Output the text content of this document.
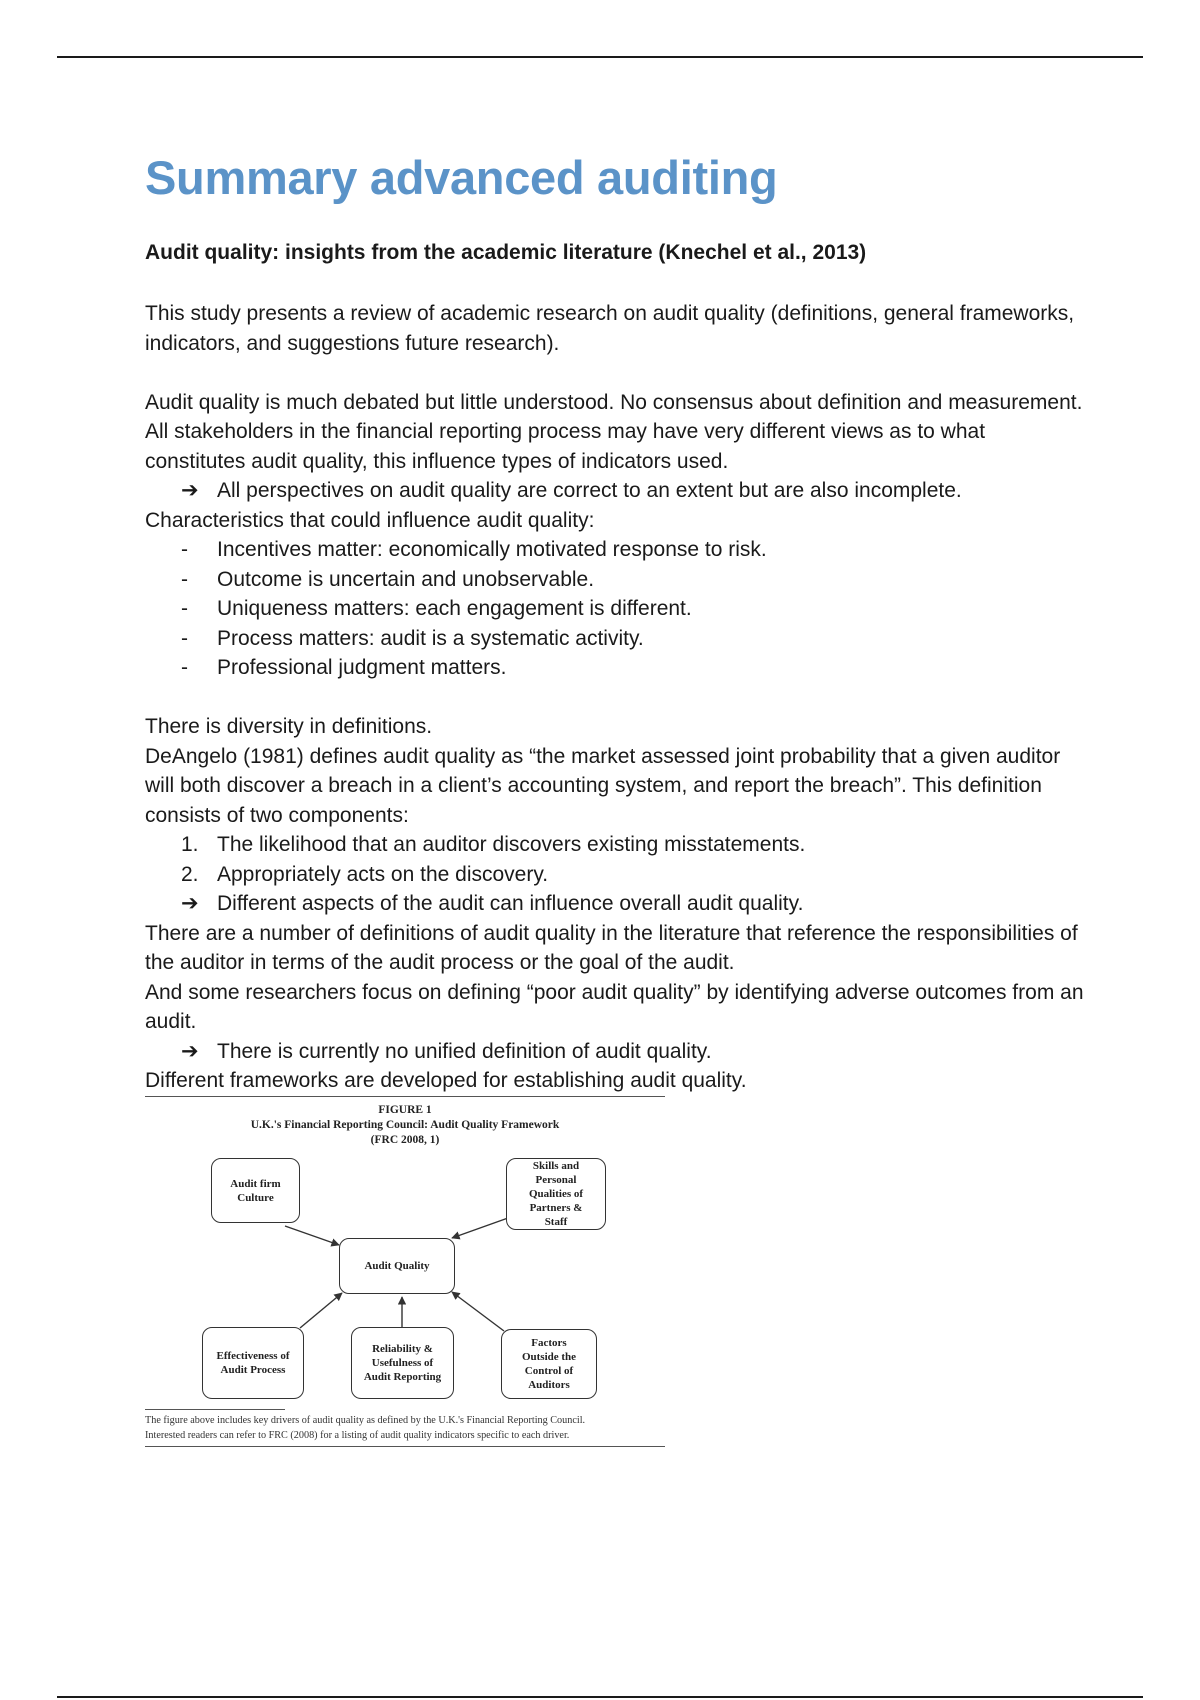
Summary advanced auditing
Audit quality: insights from the academic literature (Knechel et al., 2013)

This study presents a review of academic research on audit quality (definitions, general frameworks, indicators, and suggestions future research).

Audit quality is much debated but little understood. No consensus about definition and measurement. All stakeholders in the financial reporting process may have very different views as to what constitutes audit quality, this influence types of indicators used.

➔ All perspectives on audit quality are correct to an extent but are also incomplete.

Characteristics that could influence audit quality:

- Incentives matter: economically motivated response to risk.

- Outcome is uncertain and unobservable.

- Uniqueness matters: each engagement is different.

- Process matters: audit is a systematic activity.

- Professional judgment matters.

There is diversity in definitions.

DeAngelo (1981) defines audit quality as “the market assessed joint probability that a given auditor will both discover a breach in a client’s accounting system, and report the breach”. This definition consists of two components:

1. The likelihood that an auditor discovers existing misstatements.

2. Appropriately acts on the discovery.

➔ Different aspects of the audit can influence overall audit quality.

There are a number of definitions of audit quality in the literature that reference the responsibilities of the auditor in terms of the audit process or the goal of the audit.

And some researchers focus on defining “poor audit quality” by identifying adverse outcomes from an audit.

➔ There is currently no unified definition of audit quality.

Different frameworks are developed for establishing audit quality.

FIGURE 1
U.K.'s Financial Reporting Council: Audit Quality Framework
(FRC 2008, 1)
Audit firm
Culture
Skills and
Personal
Qualities of
Partners &
Staff
Audit Quality
Effectiveness of
Audit Process
Reliability &
Usefulness of
Audit Reporting
Factors
Outside the
Control of
Auditors
The figure above includes key drivers of audit quality as defined by the U.K.'s Financial Reporting Council.
Interested readers can refer to FRC (2008) for a listing of audit quality indicators specific to each driver.
